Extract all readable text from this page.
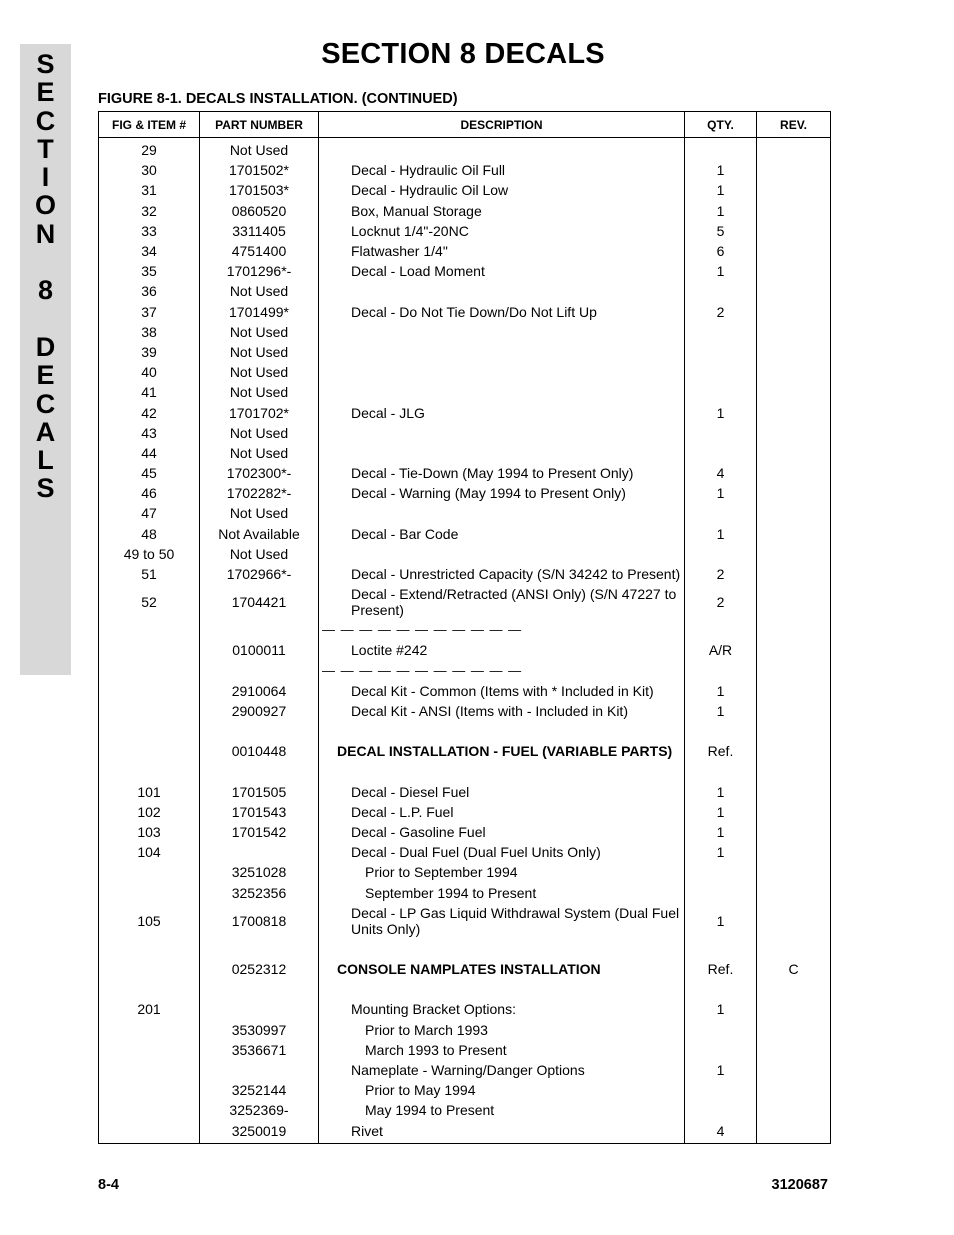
S
E
C
T
I
O
N
8
D
E
C
A
L
S
SECTION 8 DECALS
FIGURE 8-1. DECALS INSTALLATION. (CONTINUED)
FIG & ITEM #	PART NUMBER	DESCRIPTION	QTY.	REV.
29	Not Used			
30	1701502*	Decal - Hydraulic Oil Full	1	
31	1701503*	Decal - Hydraulic Oil Low	1	
32	0860520	Box, Manual Storage	1	
33	3311405	Locknut 1/4"-20NC	5	
34	4751400	Flatwasher 1/4"	6	
35	1701296*-	Decal - Load Moment	1	
36	Not Used			
37	1701499*	Decal - Do Not Tie Down/Do Not Lift Up	2	
38	Not Used			
39	Not Used			
40	Not Used			
41	Not Used			
42	1701702*	Decal - JLG	1	
43	Not Used			
44	Not Used			
45	1702300*-	Decal - Tie-Down (May 1994 to Present Only)	4	
46	1702282*-	Decal - Warning (May 1994 to Present Only)	1	
47	Not Used			
48	Not Available	Decal - Bar Code	1	
49 to 50	Not Used			
51	1702966*-	Decal - Unrestricted Capacity (S/N 34242 to Present)	2	
52	1704421	Decal - Extend/Retracted (ANSI Only) (S/N 47227 to Present)	2	
		— — — — — — — — — — —		
	0100011	Loctite #242	A/R	
		— — — — — — — — — — —		
	2910064	Decal Kit - Common (Items with * Included in Kit)	1	
	2900927	Decal Kit - ANSI (Items with - Included in Kit)	1	

	0010448	DECAL INSTALLATION - FUEL (VARIABLE PARTS)	Ref.	

101	1701505	Decal - Diesel Fuel	1	
102	1701543	Decal - L.P. Fuel	1	
103	1701542	Decal - Gasoline Fuel	1	
104		Decal - Dual Fuel (Dual Fuel Units Only)	1	
	3251028	Prior to September 1994		
	3252356	September 1994 to Present		
105	1700818	Decal - LP Gas Liquid Withdrawal System (Dual Fuel Units Only)	1	

	0252312	CONSOLE NAMPLATES INSTALLATION	Ref.	C

201		Mounting Bracket Options:	1	
	3530997	Prior to March 1993		
	3536671	March 1993 to Present		
		Nameplate - Warning/Danger Options	1	
	3252144	Prior to May 1994		
	3252369-	May 1994 to Present		
	3250019	Rivet	4	
8-4	3120687
